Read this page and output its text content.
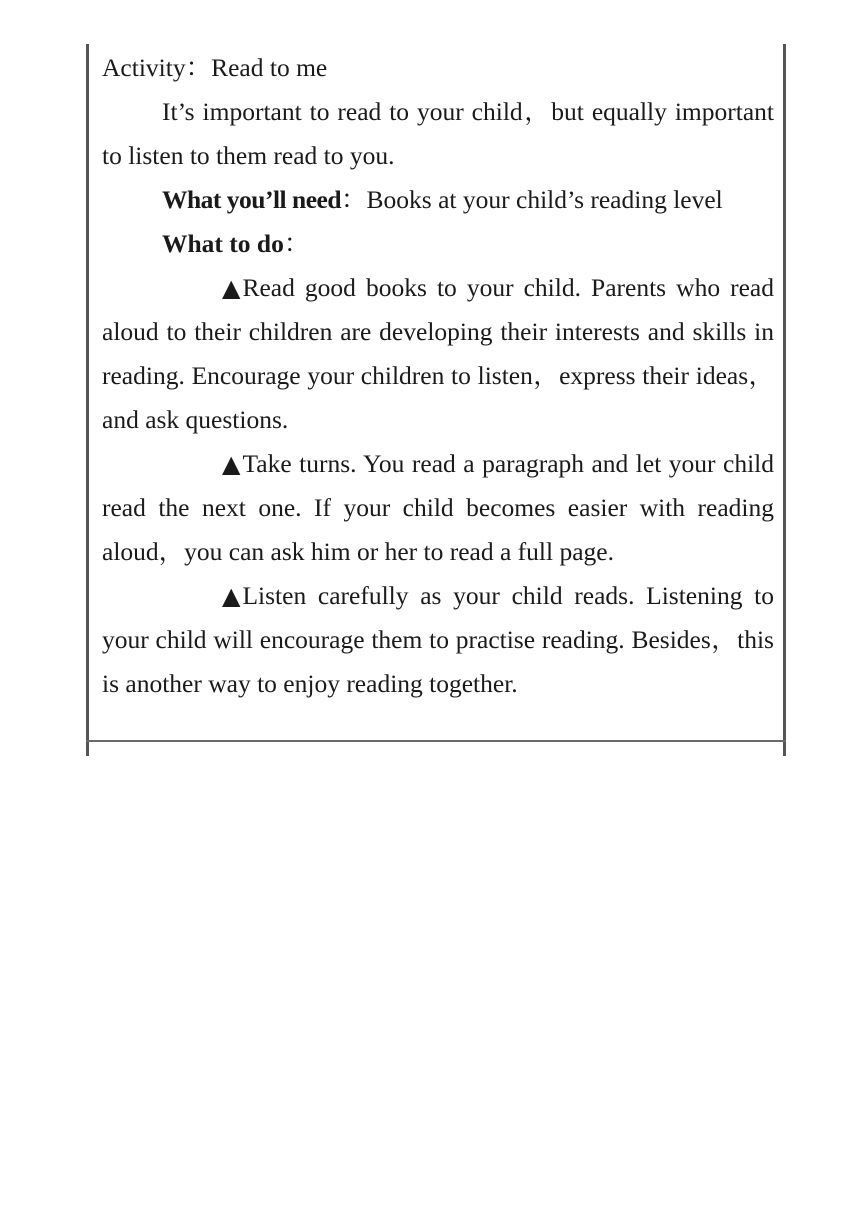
Activity：Read to me

It’s important to read to your child，but equally important to listen to them read to you.

What you’ll need：Books at your child’s reading level

What to do：

▲Read good books to your child. Parents who read aloud to their children are developing their interests and skills in reading. Encourage your children to listen，express their ideas，and ask questions.

▲Take turns. You read a paragraph and let your child read the next one. If your child becomes easier with reading aloud，you can ask him or her to read a full page.

▲Listen carefully as your child reads. Listening to your child will encourage them to practise reading. Besides，this is another way to enjoy reading together.
